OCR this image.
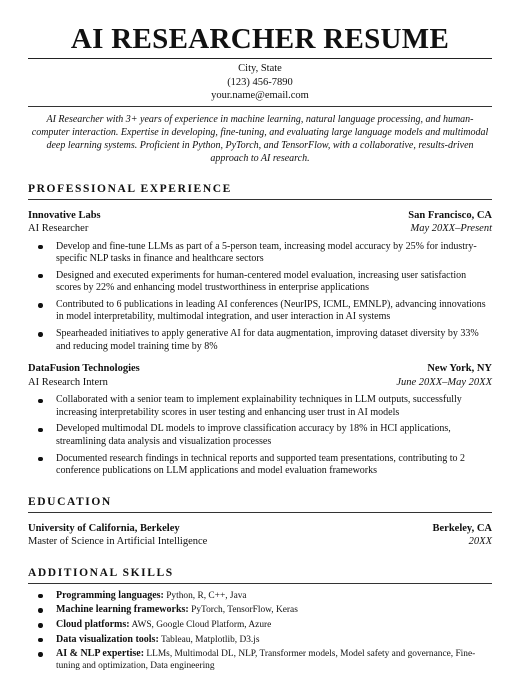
AI RESEARCHER RESUME
City, State
(123) 456-7890
your.name@email.com

AI Researcher with 3+ years of experience in machine learning, natural language processing, and human-computer interaction. Expertise in developing, fine-tuning, and evaluating large language models and multimodal deep learning systems. Proficient in Python, PyTorch, and TensorFlow, with a collaborative, results-driven approach to AI research.

PROFESSIONAL EXPERIENCE
Innovative Labs	San Francisco, CA
AI Researcher	May 20XX–Present
Develop and fine-tune LLMs as part of a 5-person team, increasing model accuracy by 25% for industry-specific NLP tasks in finance and healthcare sectors
Designed and executed experiments for human-centered model evaluation, increasing user satisfaction scores by 22% and enhancing model trustworthiness in enterprise applications
Contributed to 6 publications in leading AI conferences (NeurIPS, ICML, EMNLP), advancing innovations in model interpretability, multimodal integration, and user interaction in AI systems
Spearheaded initiatives to apply generative AI for data augmentation, improving dataset diversity by 33% and reducing model training time by 8%
DataFusion Technologies	New York, NY
AI Research Intern	June 20XX–May 20XX
Collaborated with a senior team to implement explainability techniques in LLM outputs, successfully increasing interpretability scores in user testing and enhancing user trust in AI models
Developed multimodal DL models to improve classification accuracy by 18% in HCI applications, streamlining data analysis and visualization processes
Documented research findings in technical reports and supported team presentations, contributing to 2 conference publications on LLM applications and model evaluation frameworks
EDUCATION
University of California, Berkeley	Berkeley, CA
Master of Science in Artificial Intelligence	20XX
ADDITIONAL SKILLS
Programming languages: Python, R, C++, Java
Machine learning frameworks: PyTorch, TensorFlow, Keras
Cloud platforms: AWS, Google Cloud Platform, Azure
Data visualization tools: Tableau, Matplotlib, D3.js
AI & NLP expertise: LLMs, Multimodal DL, NLP, Transformer models, Model safety and governance, Fine-tuning and optimization, Data engineering
